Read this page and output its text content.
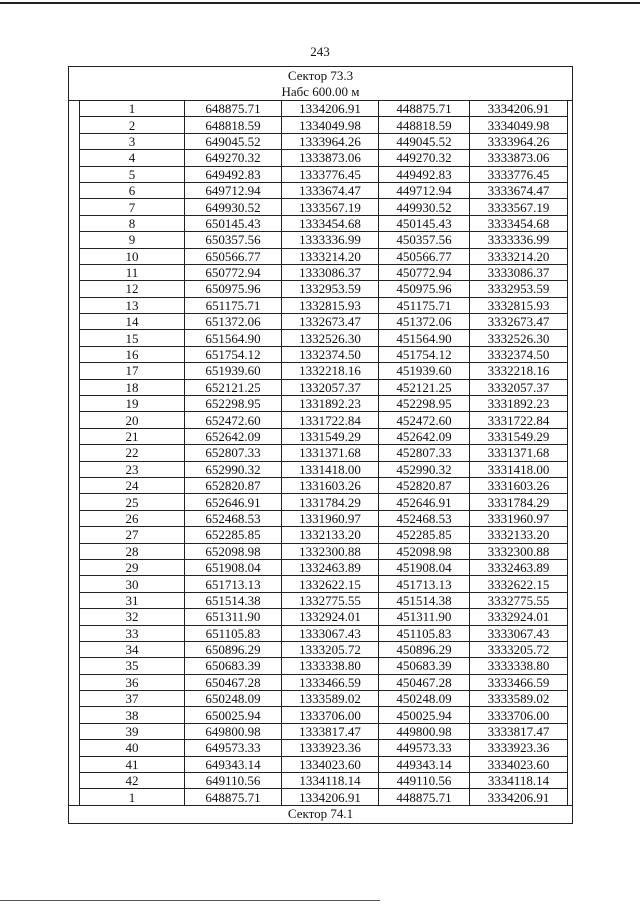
243
Сектор 73.3
Набс 600.00 м
1	648875.71	1334206.91	448875.71	3334206.91
2	648818.59	1334049.98	448818.59	3334049.98
3	649045.52	1333964.26	449045.52	3333964.26
4	649270.32	1333873.06	449270.32	3333873.06
5	649492.83	1333776.45	449492.83	3333776.45
6	649712.94	1333674.47	449712.94	3333674.47
7	649930.52	1333567.19	449930.52	3333567.19
8	650145.43	1333454.68	450145.43	3333454.68
9	650357.56	1333336.99	450357.56	3333336.99
10	650566.77	1333214.20	450566.77	3333214.20
11	650772.94	1333086.37	450772.94	3333086.37
12	650975.96	1332953.59	450975.96	3332953.59
13	651175.71	1332815.93	451175.71	3332815.93
14	651372.06	1332673.47	451372.06	3332673.47
15	651564.90	1332526.30	451564.90	3332526.30
16	651754.12	1332374.50	451754.12	3332374.50
17	651939.60	1332218.16	451939.60	3332218.16
18	652121.25	1332057.37	452121.25	3332057.37
19	652298.95	1331892.23	452298.95	3331892.23
20	652472.60	1331722.84	452472.60	3331722.84
21	652642.09	1331549.29	452642.09	3331549.29
22	652807.33	1331371.68	452807.33	3331371.68
23	652990.32	1331418.00	452990.32	3331418.00
24	652820.87	1331603.26	452820.87	3331603.26
25	652646.91	1331784.29	452646.91	3331784.29
26	652468.53	1331960.97	452468.53	3331960.97
27	652285.85	1332133.20	452285.85	3332133.20
28	652098.98	1332300.88	452098.98	3332300.88
29	651908.04	1332463.89	451908.04	3332463.89
30	651713.13	1332622.15	451713.13	3332622.15
31	651514.38	1332775.55	451514.38	3332775.55
32	651311.90	1332924.01	451311.90	3332924.01
33	651105.83	1333067.43	451105.83	3333067.43
34	650896.29	1333205.72	450896.29	3333205.72
35	650683.39	1333338.80	450683.39	3333338.80
36	650467.28	1333466.59	450467.28	3333466.59
37	650248.09	1333589.02	450248.09	3333589.02
38	650025.94	1333706.00	450025.94	3333706.00
39	649800.98	1333817.47	449800.98	3333817.47
40	649573.33	1333923.36	449573.33	3333923.36
41	649343.14	1334023.60	449343.14	3334023.60
42	649110.56	1334118.14	449110.56	3334118.14
1	648875.71	1334206.91	448875.71	3334206.91
Сектор 74.1
